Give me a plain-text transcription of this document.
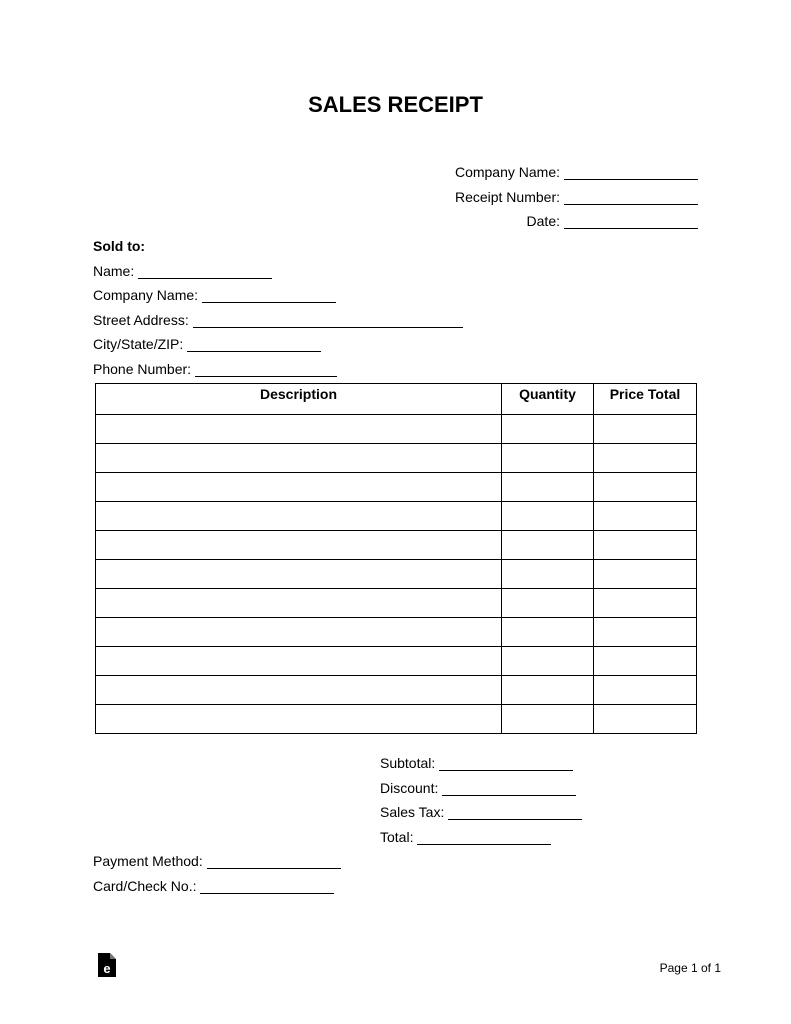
SALES RECEIPT
Company Name:
Receipt Number:
Date:
Sold to:
Name:
Company Name:
Street Address:
City/State/ZIP:
Phone Number:
Description	Quantity	Price Total

Subtotal:
Discount:
Sales Tax:
Total:
Payment Method:
Card/Check No.:
e	Page 1 of 1
